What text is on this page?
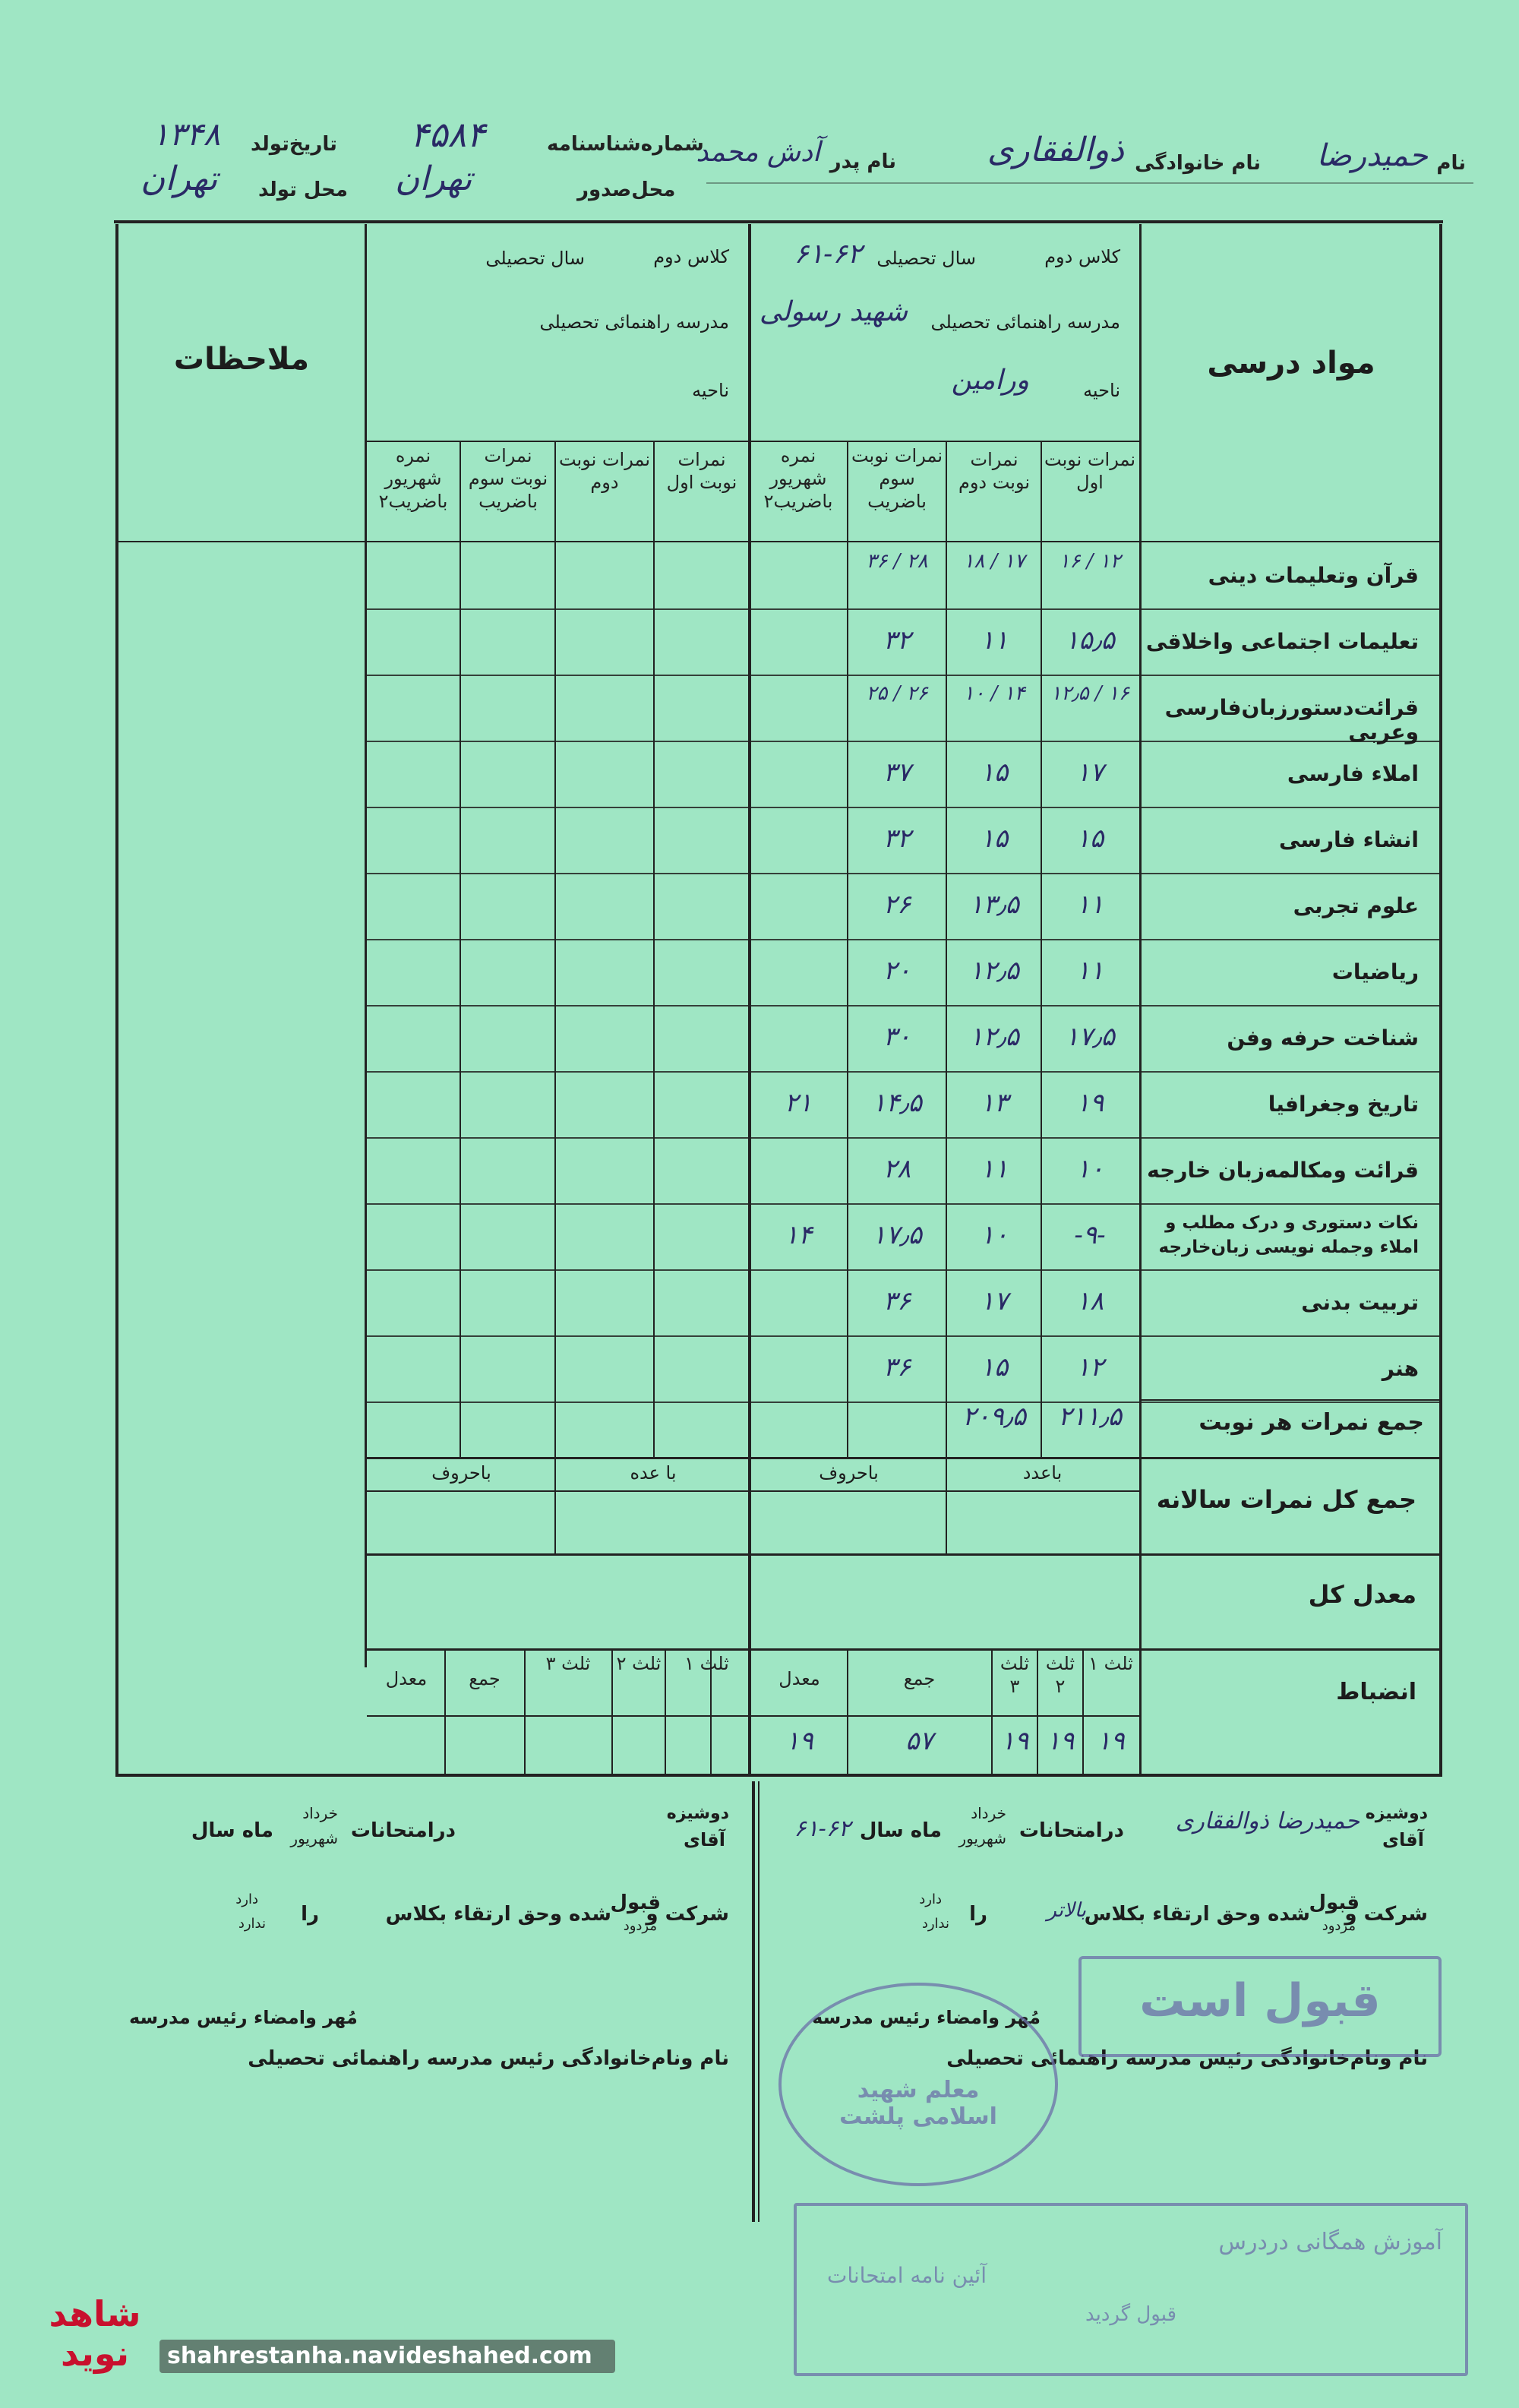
نام
حمیدرضا
نام خانوادگی
ذوالفقاری
نام پدر
آدش محمد
شماره‌شناسنامه
۴۵۸۴
محل‌صدور
تهران
تاریخ‌تولد
۱۳۴۸
محل تولد
تهران
مواد درسی
ملاحظات
کلاس دوم
سال تحصیلی
۶۱-۶۲
مدرسه راهنمائی تحصیلی
شهید رسولی
ناحیه
ورامین
کلاس دوم
سال تحصیلی
مدرسه راهنمائی تحصیلی
ناحیه
نمرات نوبت اول
نمرات نوبت دوم
نمرات نوبت سوم باضریب
نمره شهریور باضریب۲
نمرات نوبت اول
نمرات نوبت دوم
نمرات نوبت سوم باضریب
نمره شهریور باضریب۲
قرآن وتعلیمات دینی
۱۶ / ۱۲
۱۸ / ۱۷
۳۶ / ۲۸
تعلیمات اجتماعی واخلاقی
۱۵٫۵
۱۱
۳۲
قرائت‌دستورزبان‌فارسی وعربی
۱۲٫۵ / ۱۶
۱۰ / ۱۴
۲۵ / ۲۶
املاء فارسی
۱۷
۱۵
۳۷
انشاء فارسی
۱۵
۱۵
۳۲
علوم تجربی
۱۱
۱۳٫۵
۲۶
ریاضیات
۱۱
۱۲٫۵
۲۰
شناخت حرفه وفن
۱۷٫۵
۱۲٫۵
۳۰
تاریخ وجغرافیا
۱۹
۱۳
۱۴٫۵
۲۱
قرائت ومکالمه‌زبان خارجه
۱۰
۱۱
۲۸
نکات دستوری و درک مطلب و املاء وجمله نویسی زبان‌خارجه
-۹-
۱۰
۱۷٫۵
۱۴
تربیت بدنی
۱۸
۱۷
۳۶
هنر
۱۲
۱۵
۳۶
جمع نمرات هر نوبت
۲۱۱٫۵
۲۰۹٫۵
جمع کل نمرات سالانه
باعدد
باحروف
با عده
باحروف
معدل کل
انضباط
ثلث ۱
ثلث ۲
ثلث ۳
جمع
معدل
ثلث ۱
ثلث ۲
ثلث ۳
جمع
معدل
۱۹
۱۹
۱۹
۵۷
۱۹
دوشیزه
آقای
حمیدرضا ذوالفقاری
درامتحانات
خرداد
شهریور
ماه سال
۶۱-۶۲
شرکت و
قبول
مردود
شده وحق ارتقاء بکلاس
بالاتر
را
دارد
ندارد
مُهر وامضاء رئیس مدرسه
نام ونام‌خانوادگی رئیس مدرسه راهنمائی تحصیلی
قبول است
معلم شهید اسلامی پلشت
آموزش همگانی دردرس
آئین نامه امتحانات
قبول گردید
دوشیزه
آقای
درامتحانات
خرداد
شهریور
ماه سال
شرکت و
قبول
مردود
شده وحق ارتقاء بکلاس
را
دارد
ندارد
مُهر وامضاء رئیس مدرسه
نام ونام‌خانوادگی رئیس مدرسه راهنمائی تحصیلی
شاهد نوید	shahrestanha.navideshahed.com
